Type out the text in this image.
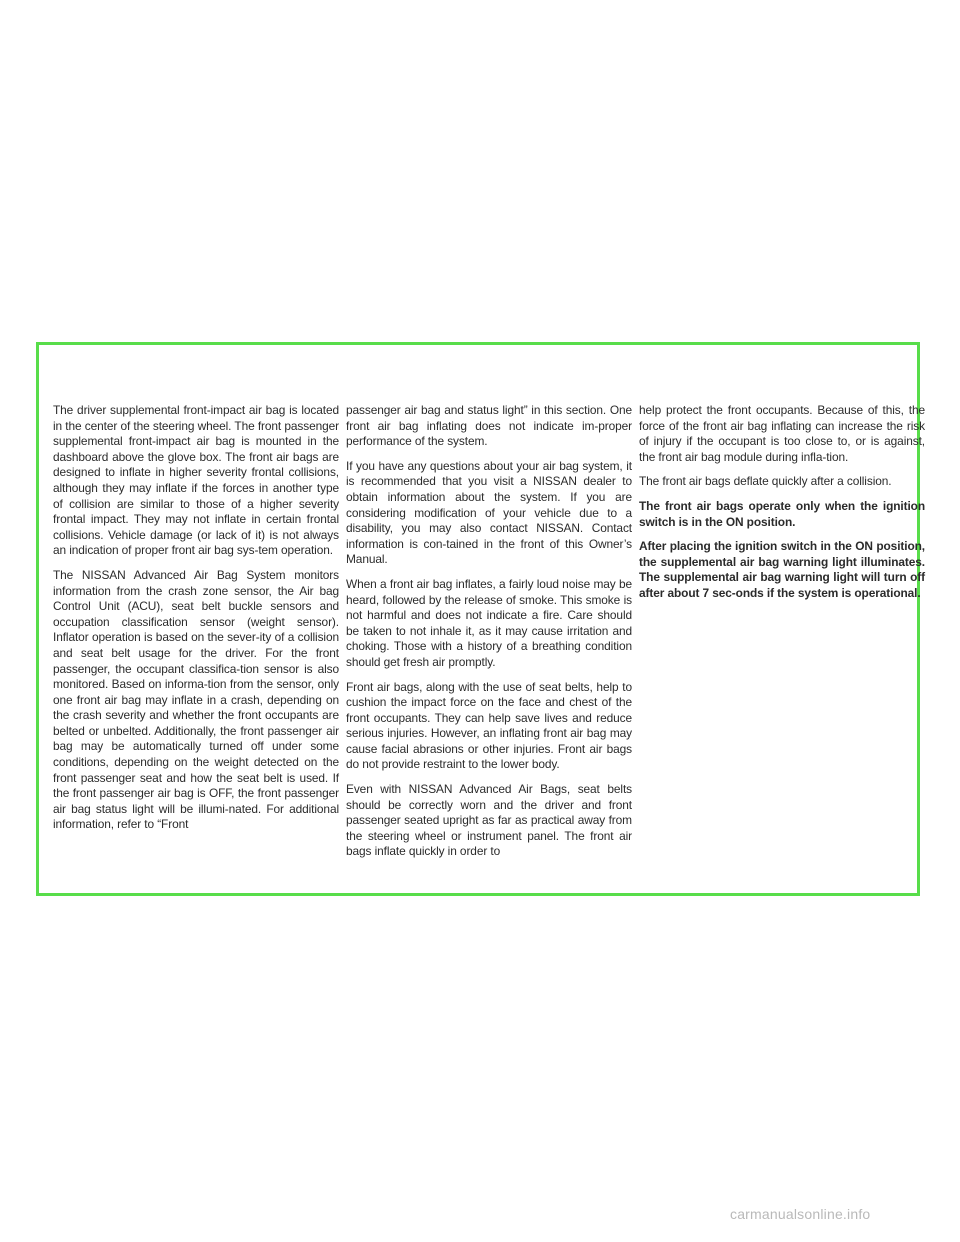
The driver supplemental front-impact air bag is located in the center of the steering wheel. The front passenger supplemental front-impact air bag is mounted in the dashboard above the glove box. The front air bags are designed to inflate in higher severity frontal collisions, although they may inflate if the forces in another type of collision are similar to those of a higher severity frontal impact. They may not inflate in certain frontal collisions. Vehicle damage (or lack of it) is not always an indication of proper front air bag sys-tem operation.

The NISSAN Advanced Air Bag System monitors information from the crash zone sensor, the Air bag Control Unit (ACU), seat belt buckle sensors and occupation classification sensor (weight sensor). Inflator operation is based on the sever-ity of a collision and seat belt usage for the driver. For the front passenger, the occupant classifica-tion sensor is also monitored. Based on informa-tion from the sensor, only one front air bag may inflate in a crash, depending on the crash severity and whether the front occupants are belted or unbelted. Additionally, the front passenger air bag may be automatically turned off under some conditions, depending on the weight detected on the front passenger seat and how the seat belt is used. If the front passenger air bag is OFF, the front passenger air bag status light will be illumi-nated. For additional information, refer to “Front

passenger air bag and status light” in this section. One front air bag inflating does not indicate im-proper performance of the system.

If you have any questions about your air bag system, it is recommended that you visit a NISSAN dealer to obtain information about the system. If you are considering modification of your vehicle due to a disability, you may also contact NISSAN. Contact information is con-tained in the front of this Owner’s Manual.

When a front air bag inflates, a fairly loud noise may be heard, followed by the release of smoke. This smoke is not harmful and does not indicate a fire. Care should be taken to not inhale it, as it may cause irritation and choking. Those with a history of a breathing condition should get fresh air promptly.

Front air bags, along with the use of seat belts, help to cushion the impact force on the face and chest of the front occupants. They can help save lives and reduce serious injuries. However, an inflating front air bag may cause facial abrasions or other injuries. Front air bags do not provide restraint to the lower body.

Even with NISSAN Advanced Air Bags, seat belts should be correctly worn and the driver and front passenger seated upright as far as practical away from the steering wheel or instrument panel. The front air bags inflate quickly in order to

help protect the front occupants. Because of this, the force of the front air bag inflating can increase the risk of injury if the occupant is too close to, or is against, the front air bag module during infla-tion.

The front air bags deflate quickly after a collision.

The front air bags operate only when the ignition switch is in the ON position.

After placing the ignition switch in the ON position, the supplemental air bag warning light illuminates. The supplemental air bag warning light will turn off after about 7 sec-onds if the system is operational.

carmanualsonline.info
